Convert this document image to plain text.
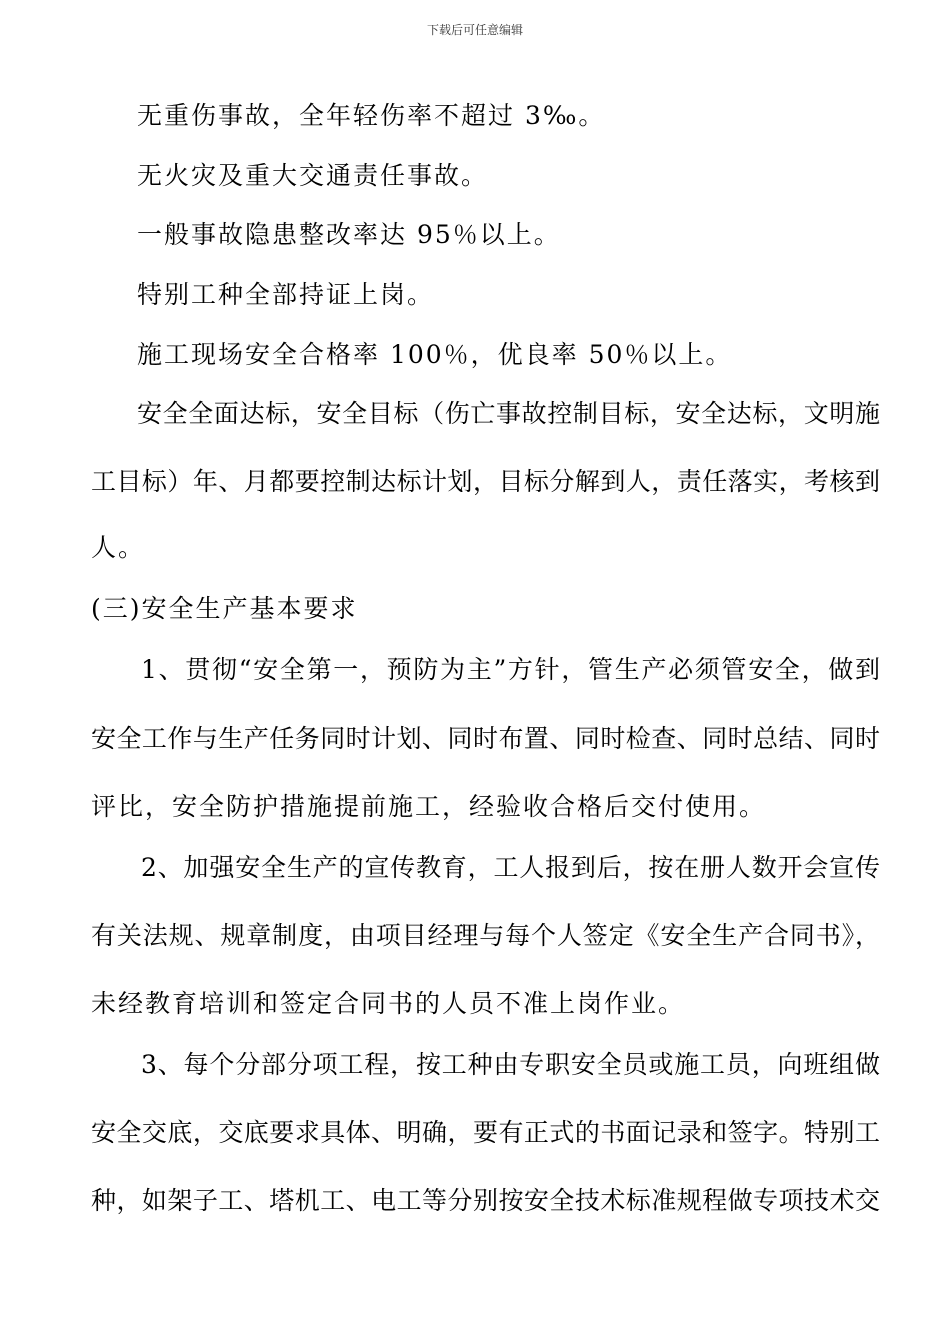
下载后可任意编辑
无重伤事故，全年轻伤率不超过 3‰。
无火灾及重大交通责任事故。
一般事故隐患整改率达 95％以上。
特别工种全部持证上岗。
施工现场安全合格率 100％，优良率 50％以上。
安全全面达标，安全目标（伤亡事故控制目标，安全达标，文明施
工目标）年、月都要控制达标计划，目标分解到人，责任落实，考核到
人。
(三)安全生产基本要求
1、贯彻“安全第一，预防为主”方针，管生产必须管安全，做到
安全工作与生产任务同时计划、同时布置、同时检查、同时总结、同时
评比，安全防护措施提前施工，经验收合格后交付使用。
2、加强安全生产的宣传教育，工人报到后，按在册人数开会宣传
有关法规、规章制度，由项目经理与每个人签定《安全生产合同书》，
未经教育培训和签定合同书的人员不准上岗作业。
3、每个分部分项工程，按工种由专职安全员或施工员，向班组做
安全交底，交底要求具体、明确，要有正式的书面记录和签字。特别工
种，如架子工、塔机工、电工等分别按安全技术标准规程做专项技术交
